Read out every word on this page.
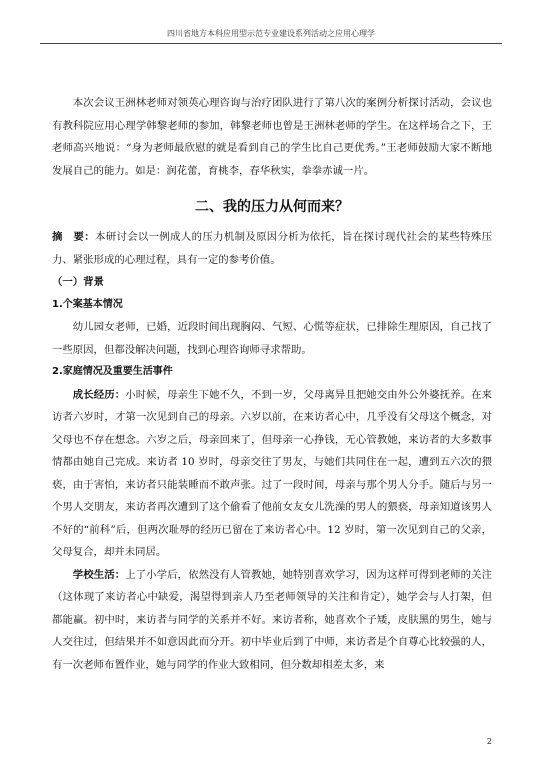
四川省地方本科应用型示范专业建设系列活动之应用心理学

本次会议王洲林老师对领英心理咨询与治疗团队进行了第八次的案例分析探讨活动，会议也有教科院应用心理学韩黎老师的参加，韩黎老师也曾是王洲林老师的学生。在这样场合之下，王老师高兴地说：“身为老师最欣慰的就是看到自己的学生比自己更优秀。”王老师鼓励大家不断地发展自己的能力。如是：润花蕾，育桃李，春华秋实，拳拳赤诚一片。

二、我的压力从何而来？

摘　要：本研讨会以一例成人的压力机制及原因分析为依托，旨在探讨现代社会的某些特殊压力、紧张形成的心理过程，具有一定的参考价值。

（一）背景

1.个案基本情况

幼儿园女老师，已婚，近段时间出现胸闷、气短、心慌等症状，已排除生理原因，自己找了一些原因，但都没解决问题，找到心理咨询师寻求帮助。

2.家庭情况及重要生活事件

成长经历：小时候，母亲生下她不久，不到一岁，父母离异且把她交由外公外婆抚养。在来访者六岁时，才第一次见到自己的母亲。六岁以前，在来访者心中，几乎没有父母这个概念，对父母也不存在想念。六岁之后，母亲回来了，但母亲一心挣钱，无心管教她，来访者的大多数事情都由她自己完成。来访者 10 岁时，母亲交往了男友，与她们共同住在一起，遭到五六次的猥亵，由于害怕，来访者只能装睡而不敢声张。过了一段时间，母亲与那个男人分手。随后与另一个男人交朋友，来访者再次遭到了这个偷看了他前女友女儿洗澡的男人的猥亵，母亲知道该男人不好的“前科”后，但两次耻辱的经历已留在了来访者心中。12 岁时，第一次见到自己的父亲，父母复合，却并未同居。

学校生活：上了小学后，依然没有人管教她，她特别喜欢学习，因为这样可得到老师的关注（这体现了来访者心中缺爱，渴望得到亲人乃至老师领导的关注和肯定），她学会与人打架，但都能赢。初中时，来访者与同学的关系并不好。来访者称，她喜欢个子矮，皮肤黑的男生，她与人交往过，但结果并不如意因此而分开。初中毕业后到了中师，来访者是个自尊心比较强的人，有一次老师布置作业，她与同学的作业大致相同，但分数却相差太多，来

2
